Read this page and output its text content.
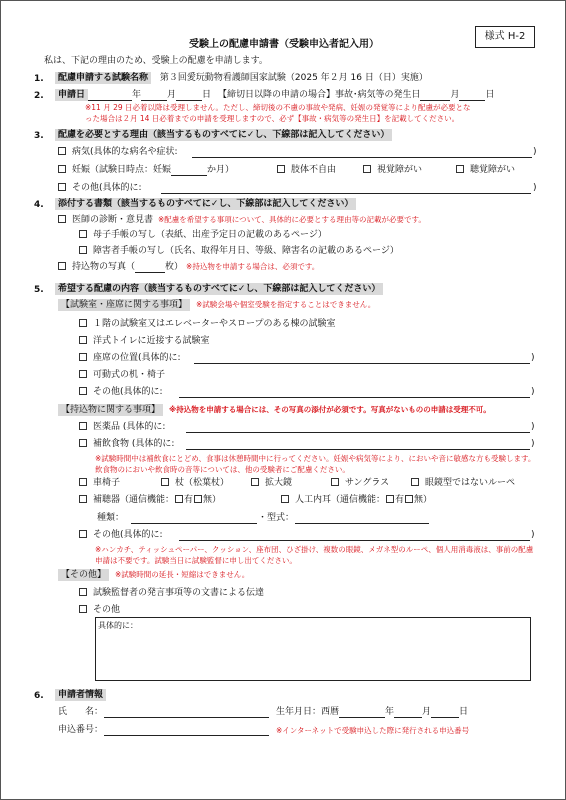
様式 H-2
受験上の配慮申請書（受験申込者記入用）
私は、下記の理由のため、受験上の配慮を申請します。
1.	配慮申請する試験名称 第３回愛玩動物看護師国家試験（2025 年２月 16 日（日）実施）
2.	申請日	年	月	日 【締切日以降の申請の場合】事故･病気等の発生日	月	日
※11 月 29 日必着以降は受理しません。ただし、締切後の不慮の事故や発病、妊娠の発覚等により配慮が必要とな
った場合は２月 14 日必着までの申請を受理しますので、必ず【事故・病気等の発生日】を記載してください。
3.	配慮を必要とする理由（該当するものすべてに✓し、下線部は記入してください）
病気(具体的な病名や症状:	)
妊娠（試験日時点：妊娠	か月）	肢体不自由	視覚障がい	聴覚障がい
その他(具体的に:	)
4.	添付する書類（該当するものすべてに✓し、下線部は記入してください）
医師の診断・意見書 ※配慮を希望する事項について、具体的に必要とする理由等の記載が必要です。
母子手帳の写し（表紙、出産予定日の記載のあるページ）
障害者手帳の写し（氏名、取得年月日、等級、障害名の記載のあるページ）
持込物の写真（	枚） ※持込物を申請する場合は、必須です。
5.	希望する配慮の内容（該当するものすべてに✓し、下線部は記入してください）
【試験室・座席に関する事項】 ※試験会場や個室受験を指定することはできません。
１階の試験室又はエレベーターやスロープのある棟の試験室
洋式トイレに近接する試験室
座席の位置(具体的に:	)
可動式の机・椅子
その他(具体的に:	)
【持込物に関する事項】 ※持込物を申請する場合には、その写真の添付が必須です。写真がないものの申請は受理不可。
医薬品 (具体的に:	)
補飲食物 (具体的に:	)
※試験時間中は補飲食にとどめ、食事は休憩時間中に行ってください。妊娠や病気等により、においや音に敏感な方も受験します。飲食物のにおいや飲食時の音等については、他の受験者にご配慮ください。
車椅子	杖（松葉杖）	拡大鏡	サングラス	眼鏡型ではないルーペ
補聴器（通信機能： 有 無）	人工内耳（通信機能： 有 無）
種類：	・型式：
その他(具体的に:	)
※ハンカチ、ティッシュペーパー、クッション、座布団、ひざ掛け、複数の眼鏡、メガネ型のルーペ、個人用消毒液は、事前の配慮申請は不要です。試験当日に試験監督に申し出てください。
【その他】 ※試験時間の延長・短縮はできません。
試験監督者の発言事項等の文書による伝達
その他
具体的に：
6.	申請者情報
氏　　名：	生年月日：西暦	年	月	日
申込番号：	※インターネットで受験申込した際に発行される申込番号
